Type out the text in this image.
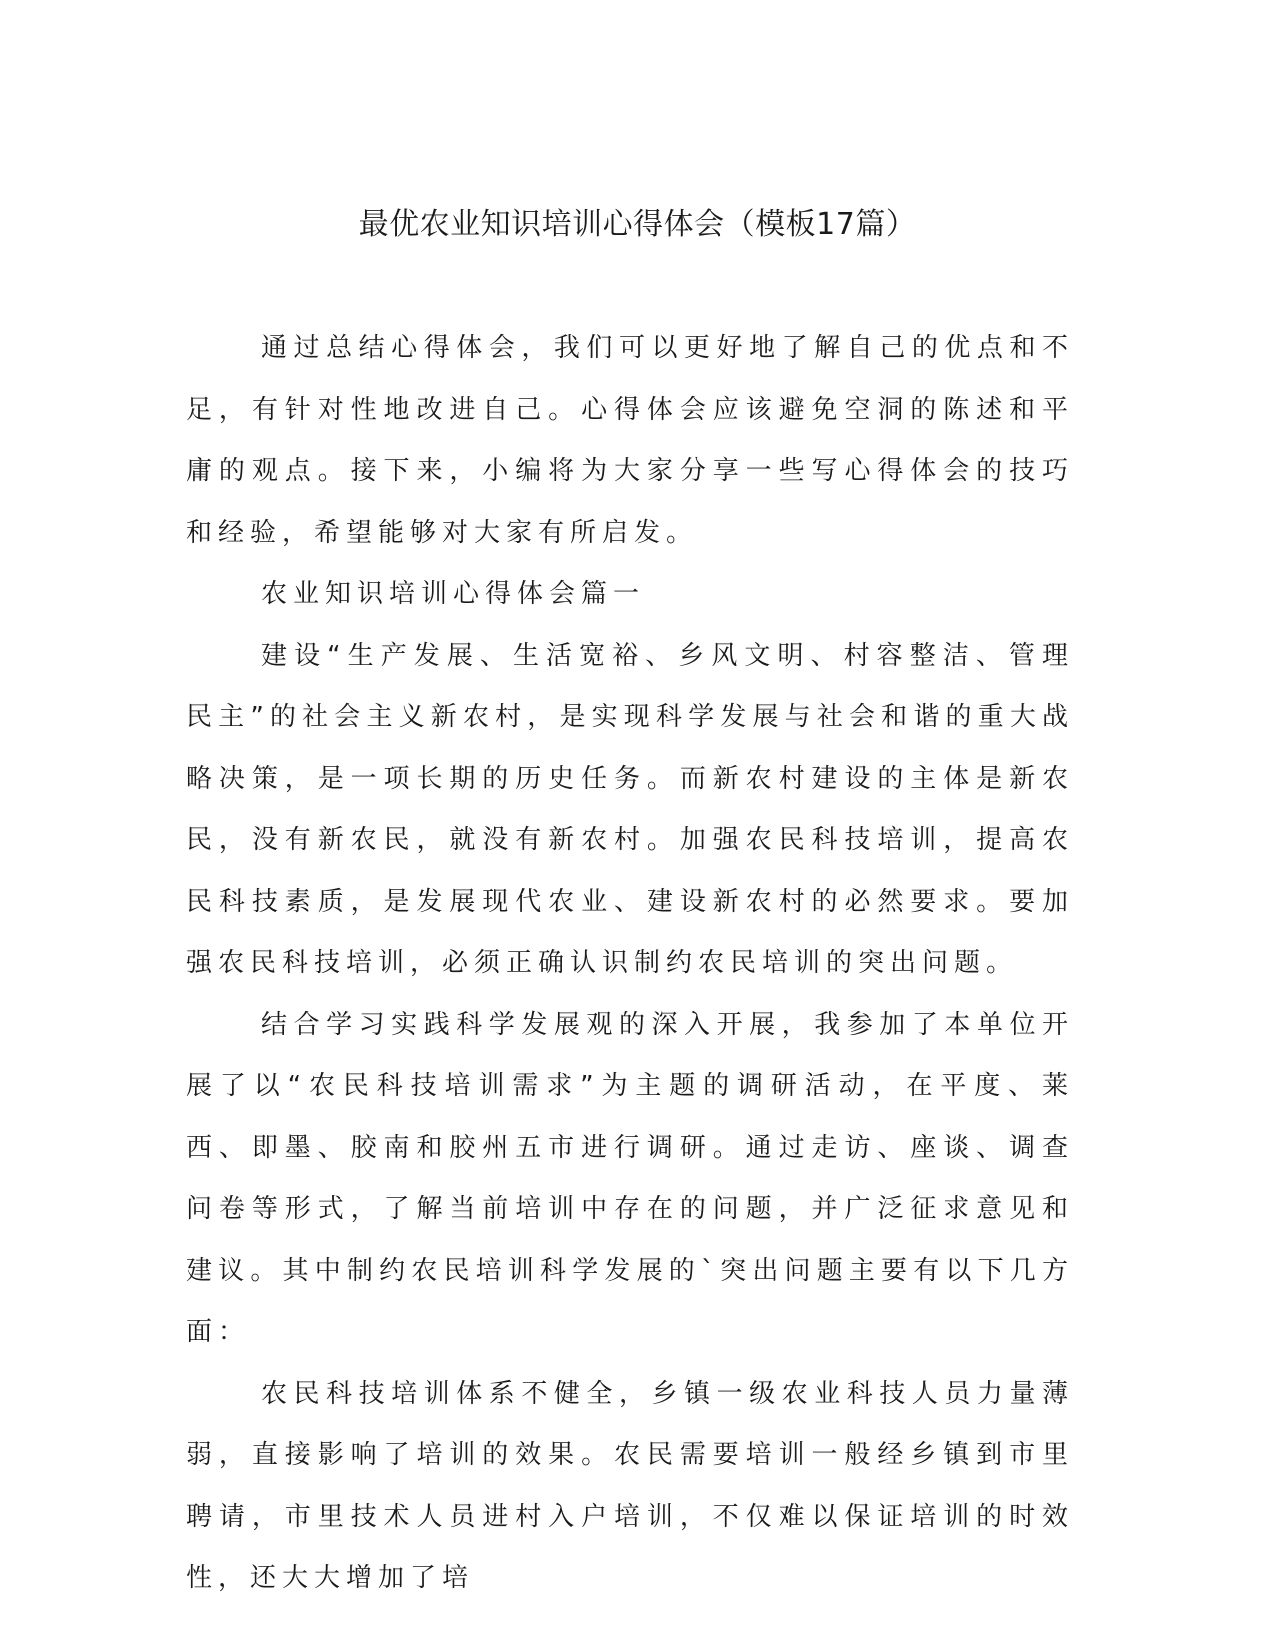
最优农业知识培训心得体会（模板17篇）

通过总结心得体会，我们可以更好地了解自己的优点和不足，有针对性地改进自己。心得体会应该避免空洞的陈述和平庸的观点。接下来，小编将为大家分享一些写心得体会的技巧和经验，希望能够对大家有所启发。

农业知识培训心得体会篇一

建设“生产发展、生活宽裕、乡风文明、村容整洁、管理民主”的社会主义新农村，是实现科学发展与社会和谐的重大战略决策，是一项长期的历史任务。而新农村建设的主体是新农民，没有新农民，就没有新农村。加强农民科技培训，提高农民科技素质，是发展现代农业、建设新农村的必然要求。要加强农民科技培训，必须正确认识制约农民培训的突出问题。

结合学习实践科学发展观的深入开展，我参加了本单位开展了以“农民科技培训需求”为主题的调研活动，在平度、莱西、即墨、胶南和胶州五市进行调研。通过走访、座谈、调查问卷等形式，了解当前培训中存在的问题，并广泛征求意见和建议。其中制约农民培训科学发展的`突出问题主要有以下几方面：

农民科技培训体系不健全，乡镇一级农业科技人员力量薄弱，直接影响了培训的效果。农民需要培训一般经乡镇到市里聘请，市里技术人员进村入户培训，不仅难以保证培训的时效性，还大大增加了培
